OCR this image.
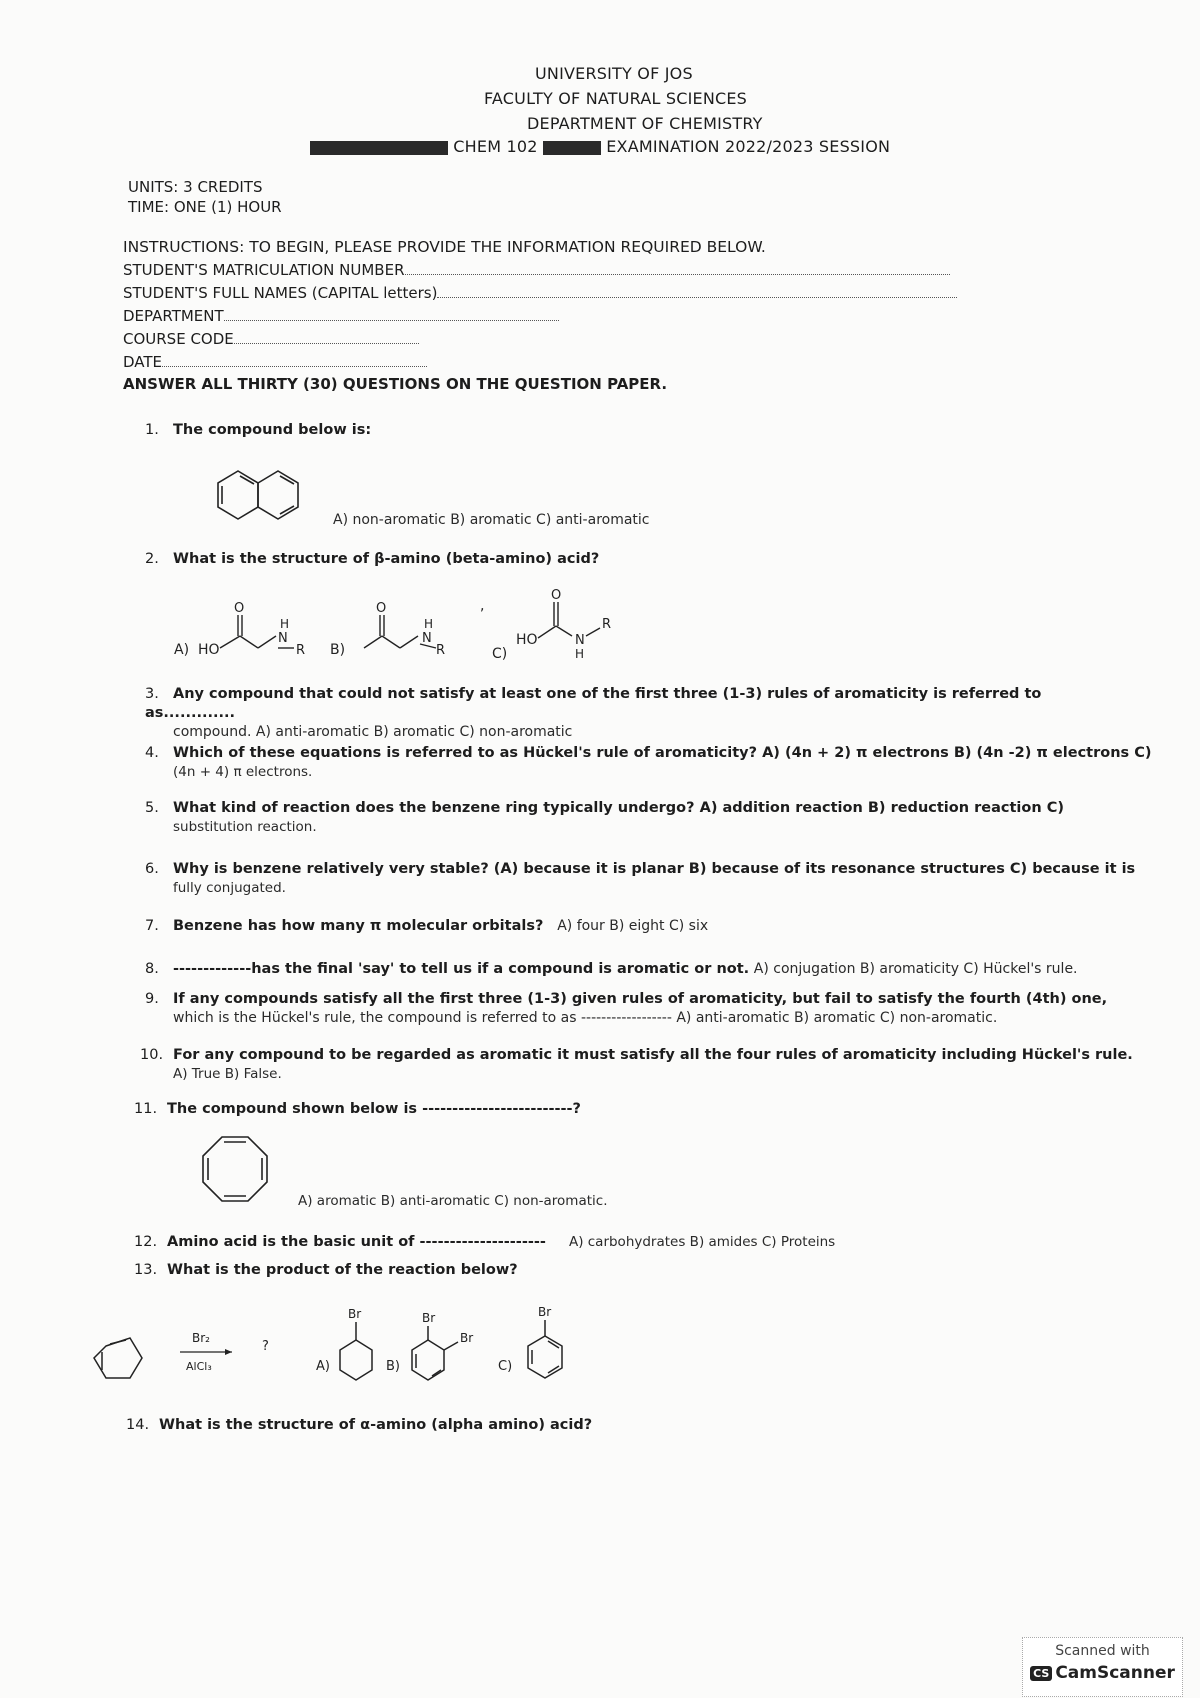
UNIVERSITY OF JOS
FACULTY OF NATURAL SCIENCES
DEPARTMENT OF CHEMISTRY
CHEM 102	EXAMINATION 2022/2023 SESSION
UNITS: 3 CREDITS
TIME: ONE (1) HOUR
INSTRUCTIONS: TO BEGIN, PLEASE PROVIDE THE INFORMATION REQUIRED BELOW.
STUDENT'S MATRICULATION NUMBER
STUDENT'S FULL NAMES (CAPITAL letters)
DEPARTMENT
COURSE CODE
DATE
ANSWER ALL THIRTY (30) QUESTIONS ON THE QUESTION PAPER.
1. The compound below is:
A) non-aromatic B) aromatic C) anti-aromatic
2. What is the structure of β-amino (beta-amino) acid?
A) HO
O
H
N
R B)
O
H
N
R
,
C)
HO
O
N
H
R
3. Any compound that could not satisfy at least one of the first three (1-3) rules of aromaticity is referred to as.............
compound. A) anti-aromatic B) aromatic C) non-aromatic
4. Which of these equations is referred to as Hückel's rule of aromaticity? A) (4n + 2) π electrons B) (4n -2) π electrons C)
(4n + 4) π electrons.
5. What kind of reaction does the benzene ring typically undergo? A) addition reaction B) reduction reaction C)
substitution reaction.
6. Why is benzene relatively very stable? (A) because it is planar B) because of its resonance structures C) because it is
fully conjugated.
7. Benzene has how many π molecular orbitals? A) four B) eight C) six
8. -------------has the final 'say' to tell us if a compound is aromatic or not. A) conjugation B) aromaticity C) Hückel's rule.
9. If any compounds satisfy all the first three (1-3) given rules of aromaticity, but fail to satisfy the fourth (4th) one,
which is the Hückel's rule, the compound is referred to as ------------------ A) anti-aromatic B) aromatic C) non-aromatic.
10. For any compound to be regarded as aromatic it must satisfy all the four rules of aromaticity including Hückel's rule.
A) True B) False.
11. The compound shown below is -------------------------?
A) aromatic B) anti-aromatic C) non-aromatic.
12. Amino acid is the basic unit of --------------------- A) carbohydrates B) amides C) Proteins
13. What is the product of the reaction below?
Br₂
AlCl₃
?
A)
Br
B)
Br
Br
C)
Br
14. What is the structure of α-amino (alpha amino) acid?
Scanned with
CS CamScanner
